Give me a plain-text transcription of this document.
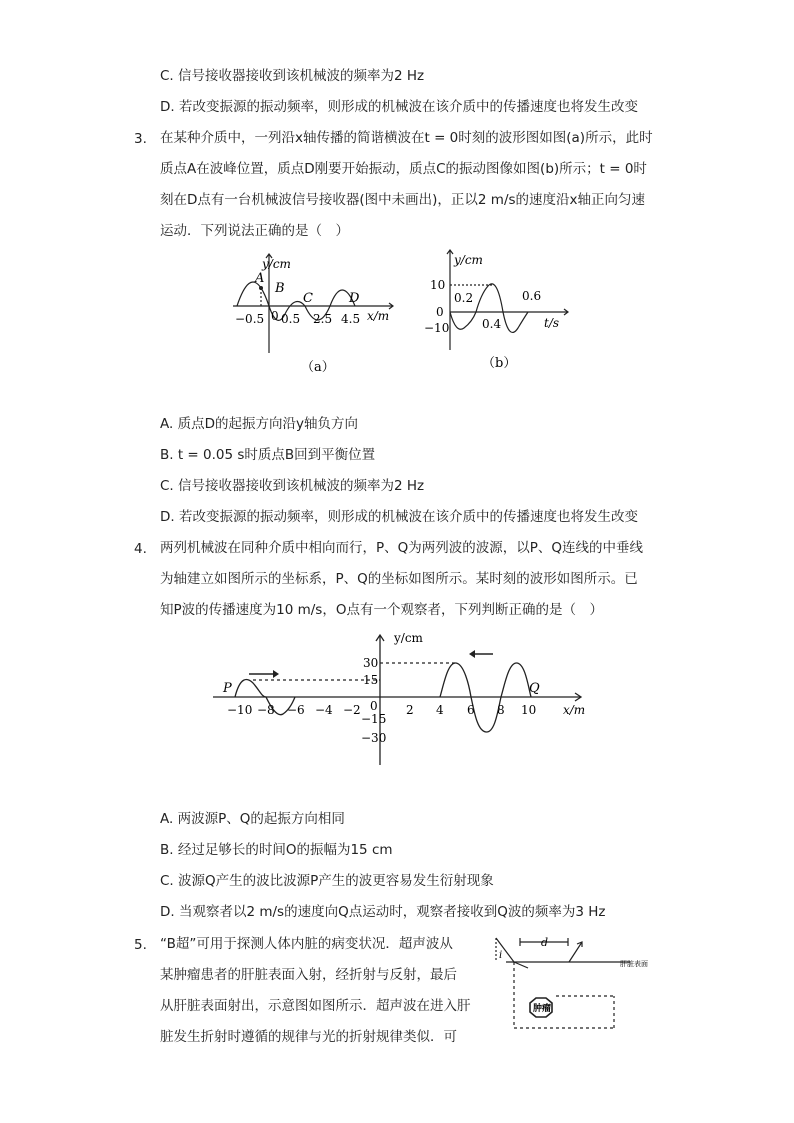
C. 信号接收器接收到该机械波的频率为2 Hz
D. 若改变振源的振动频率，则形成的机械波在该介质中的传播速度也将发生改变
3. 在某种介质中，一列沿x轴传播的简谐横波在t = 0时刻的波形图如图(a)所示，此时
质点A在波峰位置，质点D刚要开始振动，质点C的振动图像如图(b)所示；t = 0时
刻在D点有一台机械波信号接收器(图中未画出)，正以2 m/s的速度沿x轴正向匀速
运动．下列说法正确的是（　）
y/cm
A
B
C	D
−0.5 0 0.5 2.5 4.5 x/m
（a）
y/cm
10
0
−10
0.2
0.4
0.6
t/s
（b）
A. 质点D的起振方向沿y轴负方向
B. t = 0.05 s时质点B回到平衡位置
C. 信号接收器接收到该机械波的频率为2 Hz
D. 若改变振源的振动频率，则形成的机械波在该介质中的传播速度也将发生改变
4. 两列机械波在同种介质中相向而行，P、Q为两列波的波源，以P、Q连线的中垂线
为轴建立如图所示的坐标系，P、Q的坐标如图所示。某时刻的波形如图所示。已
知P波的传播速度为10 m/s，O点有一个观察者，下列判断正确的是（　）
y/cm
30
15
−15
−30
P	Q
−10 −8 −6 −4 −2 0 2 4 6 8 10 x/m
A. 两波源P、Q的起振方向相同
B. 经过足够长的时间O的振幅为15 cm
C. 波源Q产生的波比波源P产生的波更容易发生衍射现象
D. 当观察者以2 m/s的速度向Q点运动时，观察者接收到Q波的频率为3 Hz
5. “B超”可用于探测人体内脏的病变状况．超声波从
某肿瘤患者的肝脏表面入射，经折射与反射，最后
从肝脏表面射出，示意图如图所示．超声波在进入肝
脏发生折射时遵循的规律与光的折射规律类似．可
d
i
肝脏表面
肿瘤
